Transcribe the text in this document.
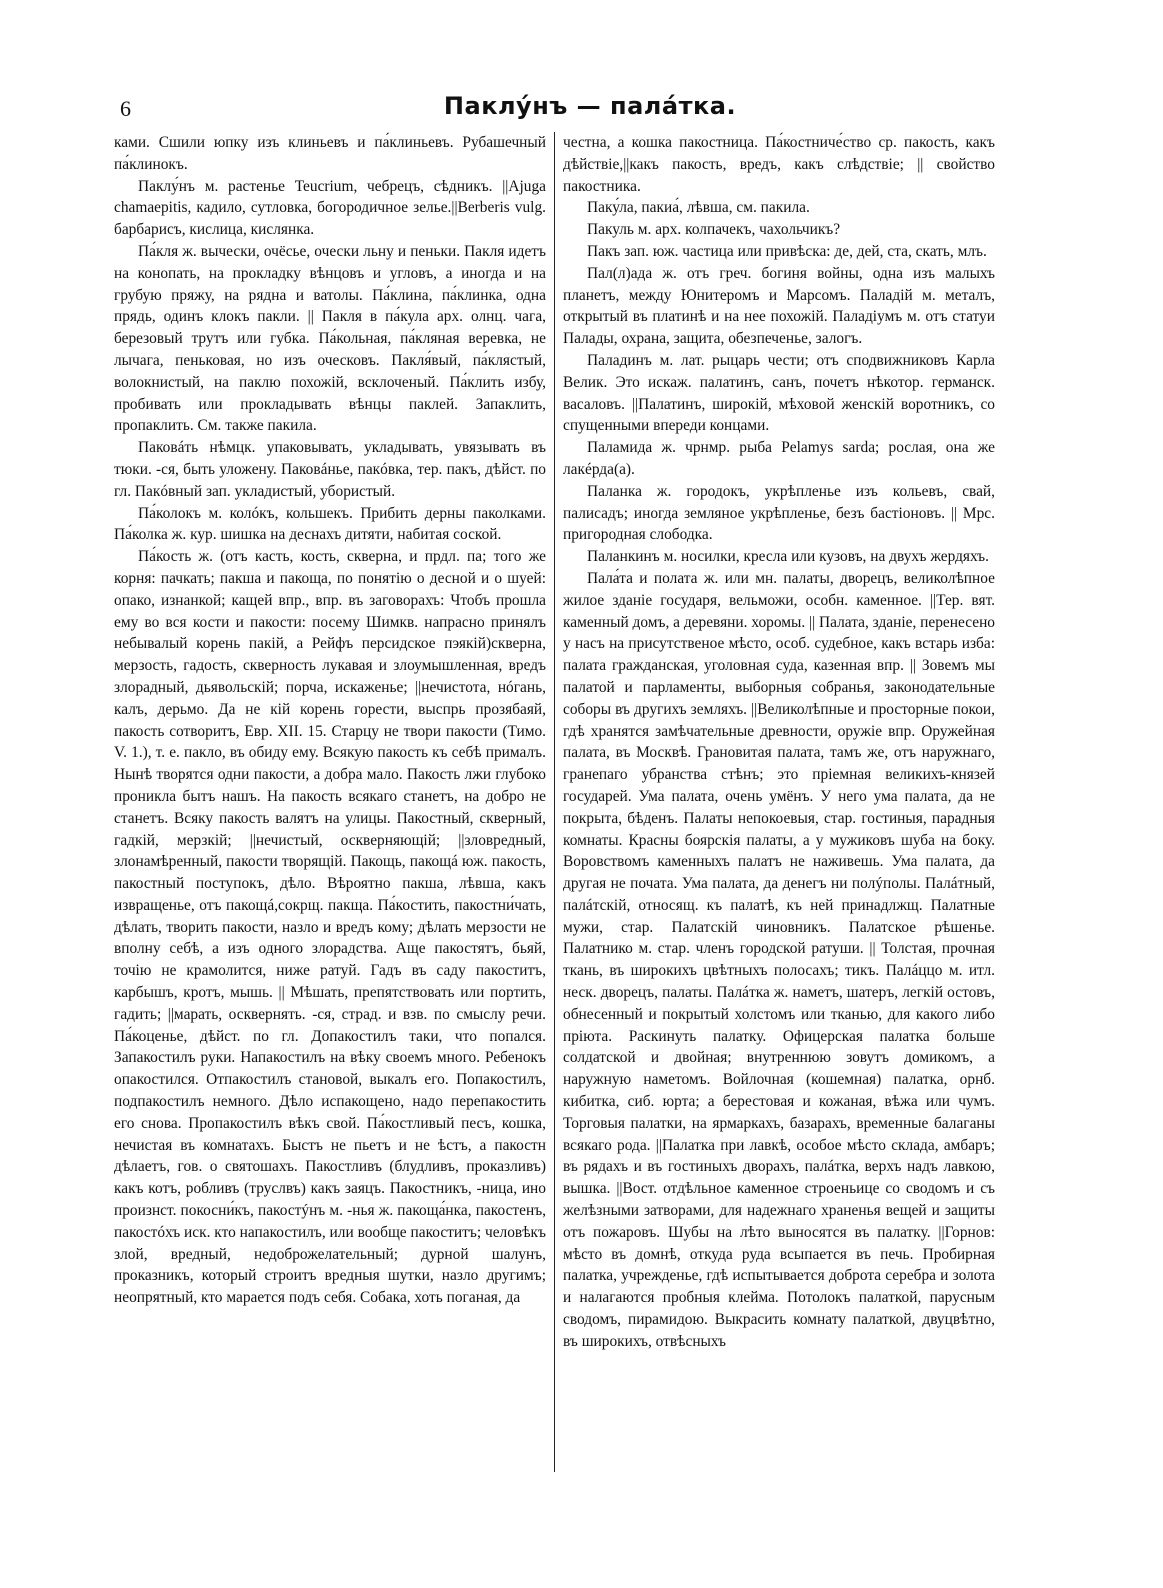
6	Паклу́нъ — пала́тка.

ками. Сшили юпку изъ клиньевъ и па́клиньевъ. Рубашечный па́клинокъ.

Паклу́нъ м. растенье Teucrium, чебрецъ, сѣдникъ. ||Ajuga chamaepitis, кадило, сутловка, богородичное зелье.||Berberis vulg. барбарисъ, кислица, кислянка.

Па́кля ж. вычески, очёсье, очески льну и пеньки. Пакля идетъ на конопать, на прокладку вѣнцовъ и угловъ, а иногда и на грубую пряжу, на рядна и ватолы. Па́клина, па́клинка, одна прядь, одинъ клокъ пакли. || Пакля в па́кула арх. олнц. чага, березовый трутъ или губка. Па́кольная, па́кляная веревка, не лычага, пеньковая, но изъ оческовъ. Пакля́вый, па́клястый, волокнистый, на паклю похожій, всклоченый. Па́клить избу, пробивать или прокладывать вѣнцы паклей. Запаклить, пропаклить. См. также пакила.

Паковáть нѣмцк. упаковывать, укладывать, увязывать въ тюки. -ся, быть уложену. Паковáнье, пакóвка, тер. пакъ, дѣйст. по гл. Пакóвный зап. укладистый, убористый.

Па́колокъ м. колóкъ, кольшекъ. Прибить дерны паколками. Па́колка ж. кур. шишка на деснахъ дитяти, набитая соской.

Па́кость ж. (отъ касть, кость, скверна, и прдл. па; того же корня: пачкать; пакша и пакоща, по понятію о десной и о шуей: опако, изнанкой; кащей впр., впр. въ заговорахъ: Чтобъ прошла ему во вся кости и пакости: посему Шимкв. напрасно принялъ небывалый корень пакій, а Рейфъ персидское пэякій)скверна, мерзость, гадость, скверность лукавая и злоумышленная, вредъ злорадный, дьявольскій; порча, искаженье; ||нечистота, нóгань, калъ, дерьмо. Да не кій корень горести, выспрь прозябаяй, пакость сотворитъ, Евр. XII. 15. Старцу не твори пакости (Тимо. V. 1.), т. е. пакло, въ обиду ему. Всякую пакость къ себѣ прималъ. Нынѣ творятся одни пакости, а добра мало. Пакость лжи глубоко проникла бытъ нашъ. На пакость всякаго станетъ, на добро не станетъ. Всяку пакость валятъ на улицы. Пакостный, скверный, гадкій, мерзкій; ||нечистый, оскверняющій; ||зловредный, злонамѣренный, пакости творящій. Пакощь, пакощá юж. пакость, пакостный поступокъ, дѣло. Вѣроятно пакша, лѣвша, какъ извращенье, отъ пакощá,сокрщ. пакща. Па́костить, пакостни́чать, дѣлать, творить пакости, назло и вредъ кому; дѣлать мерзости не вполну себѣ, а изъ одного злорадства. Аще пакостятъ, бьяй, точію не крамолится, ниже ратуй. Гадъ въ саду пакоститъ, карбышъ, кротъ, мышь. || Мѣшать, препятствовать или портить, гадить; ||марать, осквернять. -ся, страд. и взв. по смыслу речи. Па́коценье, дѣйст. по гл. Допакостилъ таки, что попался. Запакостилъ руки. Напакостилъ на вѣку своемъ много. Ребенокъ опакостился. Отпакостилъ становой, выкалъ его. Попакостилъ, подпакостилъ немного. Дѣло испакощено, надо перепакостить его снова. Пропакостилъ вѣкъ свой. Па́костливый песъ, кошка, нечистая въ комнатахъ. Быстъ не пьетъ и не ѣстъ, а пакостн дѣлаетъ, гов. о святошахъ. Пакостливъ (блудливъ, проказливъ) какъ котъ, робливъ (труслвъ) какъ заяцъ. Пакостникъ, -ница, ино произнст. покосни́къ, пакостýнъ м. -нья ж. пакоща́нка, пакостенъ, пакостóхъ иск. кто напакостилъ, или вообще пакоститъ; человѣкъ злой, вредный, недоброжелательный; дурной шалунъ, проказникъ, который строитъ вредныя шутки, назло другимъ; неопрятный, кто марается подъ себя. Собака, хоть поганая, да

честна, а кошка пакостница. Па́костниче́ство ср. пакость, какъ дѣйствіе,||какъ пакость, вредъ, какъ слѣдствіе; || свойство пакостника.

Паку́ла, пакиа́, лѣвша, см. пакила.

Пакуль м. арх. колпачекъ, чахольчикъ?

Пакъ зап. юж. частица или привѣска: де, дей, ста, скать, млъ.

Пал(л)ада ж. отъ греч. богиня войны, одна изъ малыхъ планетъ, между Юнитеромъ и Марсомъ. Паладій м. металъ, открытый въ платинѣ и на нее похожій. Паладіумъ м. отъ статуи Палады, охрана, защита, обезпеченье, залогъ.

Паладинъ м. лат. рыцарь чести; отъ сподвижниковъ Карла Велик. Это искаж. палатинъ, санъ, почетъ нѣкотор. германск. васаловъ. ||Палатинъ, широкій, мѣховой женскій воротникъ, со спущенными впереди концами.

Паламида ж. чрнмр. рыба Pelamys sarda; рослая, она же лакéрда(а).

Паланка ж. городокъ, укрѣпленье изъ кольевъ, свай, палисадъ; иногда земляное укрѣпленье, безъ бастіоновъ. || Мрс. пригородная слободка.

Паланкинъ м. носилки, кресла или кузовъ, на двухъ жердяхъ.

Пала́та и полата ж. или мн. палаты, дворецъ, великолѣпное жилое зданіе государя, вельможи, особн. каменное. ||Тер. вят. каменный домъ, а деревяни. хоромы. || Палата, зданіе, перенесено у насъ на присутственое мѣсто, особ. судебное, какъ встарь изба: палата гражданская, уголовная суда, казенная впр. || Зовемъ мы палатой и парламенты, выборныя собранья, законодательные соборы въ другихъ земляхъ. ||Великолѣпные и просторные покои, гдѣ хранятся замѣчательные древности, оружіе впр. Оружейная палата, въ Москвѣ. Грановитая палата, тамъ же, отъ наружнаго, гранепаго убранства стѣнъ; это пріемная великихъ-князей государей. Ума палата, очень умёнъ. У него ума палата, да не покрыта, бѣденъ. Палаты непокоевыя, стар. гостиныя, парадныя комнаты. Красны боярскія палаты, а у мужиковъ шуба на боку. Воровствомъ каменныхъ палатъ не наживешь. Ума палата, да другая не почата. Ума палата, да денегъ ни полýполы. Палáтный, палáтскій, относящ. къ палатѣ, къ ней принадлжщ. Палатные мужи, стар. Палатскій чиновникъ. Палатское рѣшенье. Палатнико м. стар. членъ городской ратуши. || Толстая, прочная ткань, въ широкихъ цвѣтныхъ полосахъ; тикъ. Палáццо м. итл. неск. дворецъ, палаты. Палáтка ж. наметъ, шатеръ, легкій остовъ, обнесенный и покрытый холстомъ или тканью, для какого либо пріюта. Раскинуть палатку. Офицерская палатка больше солдатской и двойная; внутреннюю зовутъ домикомъ, а наружную наметомъ. Войлочная (кошемная) палатка, орнб. кибитка, сиб. юрта; а берестовая и кожаная, вѣжа или чумъ. Торговыя палатки, на ярмаркахъ, базарахъ, временные балаганы всякаго рода. ||Палатка при лавкѣ, особое мѣсто склада, амбаръ; въ рядахъ и въ гостиныхъ дворахъ, палáтка, верхъ надъ лавкою, вышка. ||Вост. отдѣльное каменное строеньице со сводомъ и съ желѣзными затворами, для надежнаго храненья вещей и защиты отъ пожаровъ. Шубы на лѣто выносятся въ палатку. ||Горнов: мѣсто въ домнѣ, откуда руда всыпается въ печь. Пробирная палатка, учрежденье, гдѣ испытывается доброта серебра и золота и налагаются пробныя клейма. Потолокъ палаткой, парусным сводомъ, пирамидою. Выкрасить комнату палаткой, двуцвѣтно, въ широкихъ, отвѣсныхъ
